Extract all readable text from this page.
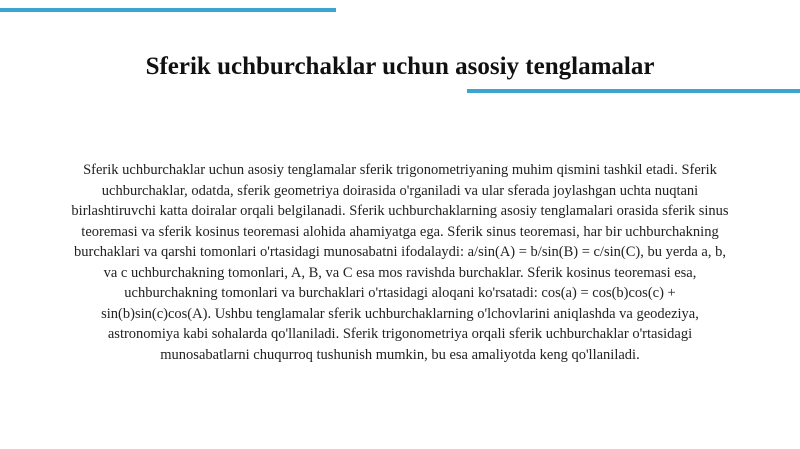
Sferik uchburchaklar uchun asosiy tenglamalar

Sferik uchburchaklar uchun asosiy tenglamalar sferik trigonometriyaning muhim qismini tashkil etadi. Sferik uchburchaklar, odatda, sferik geometriya doirasida o'rganiladi va ular sferada joylashgan uchta nuqtani birlashtiruvchi katta doiralar orqali belgilanadi. Sferik uchburchaklarning asosiy tenglamalari orasida sferik sinus teoremasi va sferik kosinus teoremasi alohida ahamiyatga ega. Sferik sinus teoremasi, har bir uchburchakning burchaklari va qarshi tomonlari o'rtasidagi munosabatni ifodalaydi: a/sin(A) = b/sin(B) = c/sin(C), bu yerda a, b, va c uchburchakning tomonlari, A, B, va C esa mos ravishda burchaklar. Sferik kosinus teoremasi esa, uchburchakning tomonlari va burchaklari o'rtasidagi aloqani ko'rsatadi: cos(a) = cos(b)cos(c) + sin(b)sin(c)cos(A). Ushbu tenglamalar sferik uchburchaklarning o'lchovlarini aniqlashda va geodeziya, astronomiya kabi sohalarda qo'llaniladi. Sferik trigonometriya orqali sferik uchburchaklar o'rtasidagi munosabatlarni chuqurroq tushunish mumkin, bu esa amaliyotda keng qo'llaniladi.
